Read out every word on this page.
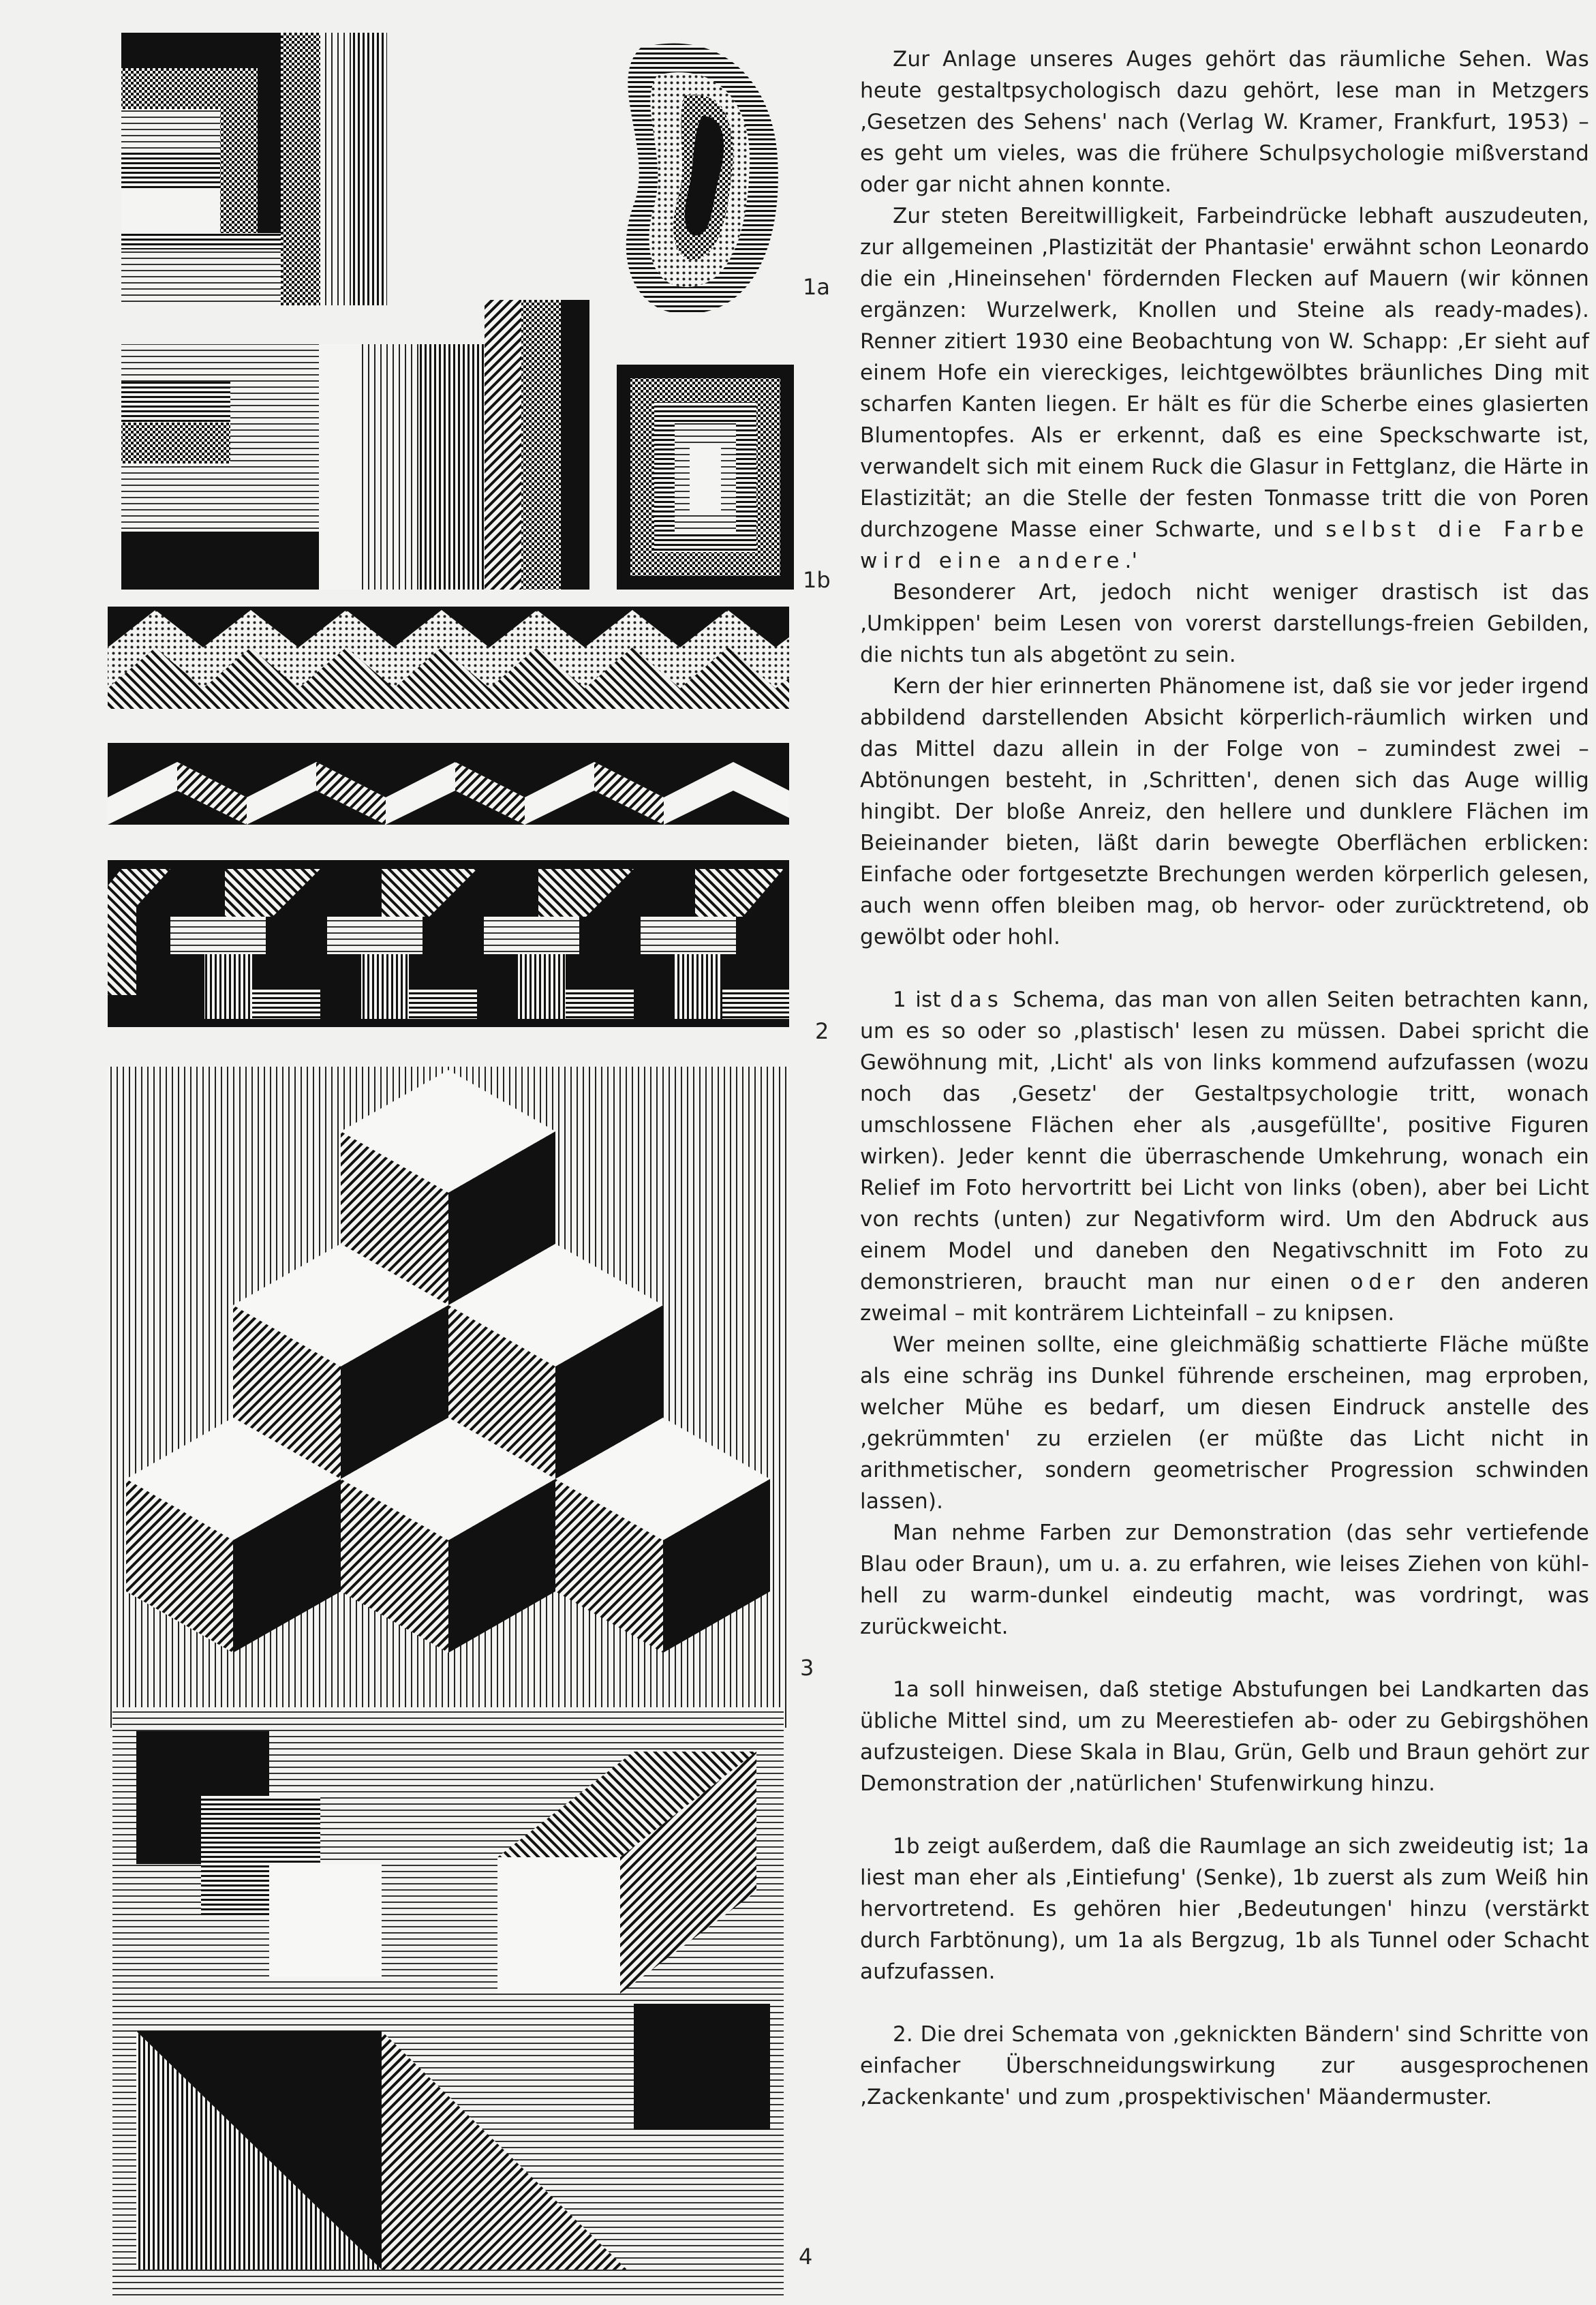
1a
1b
2
3
4

Zur Anlage unseres Auges gehört das räumliche Sehen. Was heute gestaltpsychologisch dazu gehört, lese man in Metzgers ‚Gesetzen des Sehens' nach (Verlag W. Kramer, Frankfurt, 1953) – es geht um vieles, was die frühere Schulpsychologie mißverstand oder gar nicht ahnen konnte.

Zur steten Bereitwilligkeit, Farbeindrücke lebhaft auszudeuten, zur allgemeinen ‚Plastizität der Phantasie' erwähnt schon Leonardo die ein ‚Hineinsehen' fördernden Flecken auf Mauern (wir können ergänzen: Wurzelwerk, Knollen und Steine als ready-mades). Renner zitiert 1930 eine Beobachtung von W. Schapp: ‚Er sieht auf einem Hofe ein viereckiges, leichtgewölbtes bräunliches Ding mit scharfen Kanten liegen. Er hält es für die Scherbe eines glasierten Blumentopfes. Als er erkennt, daß es eine Speckschwarte ist, verwandelt sich mit einem Ruck die Glasur in Fettglanz, die Härte in Elastizität; an die Stelle der festen Tonmasse tritt die von Poren durchzogene Masse einer Schwarte, und selbst die Farbe wird eine andere.'

Besonderer Art, jedoch nicht weniger drastisch ist das ‚Umkippen' beim Lesen von vorerst darstellungs-freien Gebilden, die nichts tun als abgetönt zu sein.

Kern der hier erinnerten Phänomene ist, daß sie vor jeder irgend abbildend darstellenden Absicht körperlich-räumlich wirken und das Mittel dazu allein in der Folge von – zumindest zwei – Abtönungen besteht, in ‚Schritten', denen sich das Auge willig hingibt. Der bloße Anreiz, den hellere und dunklere Flächen im Beieinander bieten, läßt darin bewegte Oberflächen erblicken: Einfache oder fortgesetzte Brechungen werden körperlich gelesen, auch wenn offen bleiben mag, ob hervor- oder zurücktretend, ob gewölbt oder hohl.

1 ist das Schema, das man von allen Seiten betrachten kann, um es so oder so ‚plastisch' lesen zu müssen. Dabei spricht die Gewöhnung mit, ‚Licht' als von links kommend aufzufassen (wozu noch das ‚Gesetz' der Gestaltpsychologie tritt, wonach umschlossene Flächen eher als ‚ausgefüllte', positive Figuren wirken). Jeder kennt die überraschende Umkehrung, wonach ein Relief im Foto hervortritt bei Licht von links (oben), aber bei Licht von rechts (unten) zur Negativform wird. Um den Abdruck aus einem Model und daneben den Negativschnitt im Foto zu demonstrieren, braucht man nur einen oder den anderen zweimal – mit konträrem Lichteinfall – zu knipsen.

Wer meinen sollte, eine gleichmäßig schattierte Fläche müßte als eine schräg ins Dunkel führende erscheinen, mag erproben, welcher Mühe es bedarf, um diesen Eindruck anstelle des ‚gekrümmten' zu erzielen (er müßte das Licht nicht in arithmetischer, sondern geometrischer Progression schwinden lassen).

Man nehme Farben zur Demonstration (das sehr vertiefende Blau oder Braun), um u. a. zu erfahren, wie leises Ziehen von kühl-hell zu warm-dunkel eindeutig macht, was vordringt, was zurückweicht.

1a soll hinweisen, daß stetige Abstufungen bei Landkarten das übliche Mittel sind, um zu Meerestiefen ab- oder zu Gebirgshöhen aufzusteigen. Diese Skala in Blau, Grün, Gelb und Braun gehört zur Demonstration der ‚natürlichen' Stufenwirkung hinzu.

1b zeigt außerdem, daß die Raumlage an sich zweideutig ist; 1a liest man eher als ‚Eintiefung' (Senke), 1b zuerst als zum Weiß hin hervortretend. Es gehören hier ‚Bedeutungen' hinzu (verstärkt durch Farbtönung), um 1a als Bergzug, 1b als Tunnel oder Schacht aufzufassen.

2. Die drei Schemata von ‚geknickten Bändern' sind Schritte von einfacher Überschneidungswirkung zur ausgesprochenen ‚Zackenkante' und zum ‚prospektivischen' Mäandermuster.
